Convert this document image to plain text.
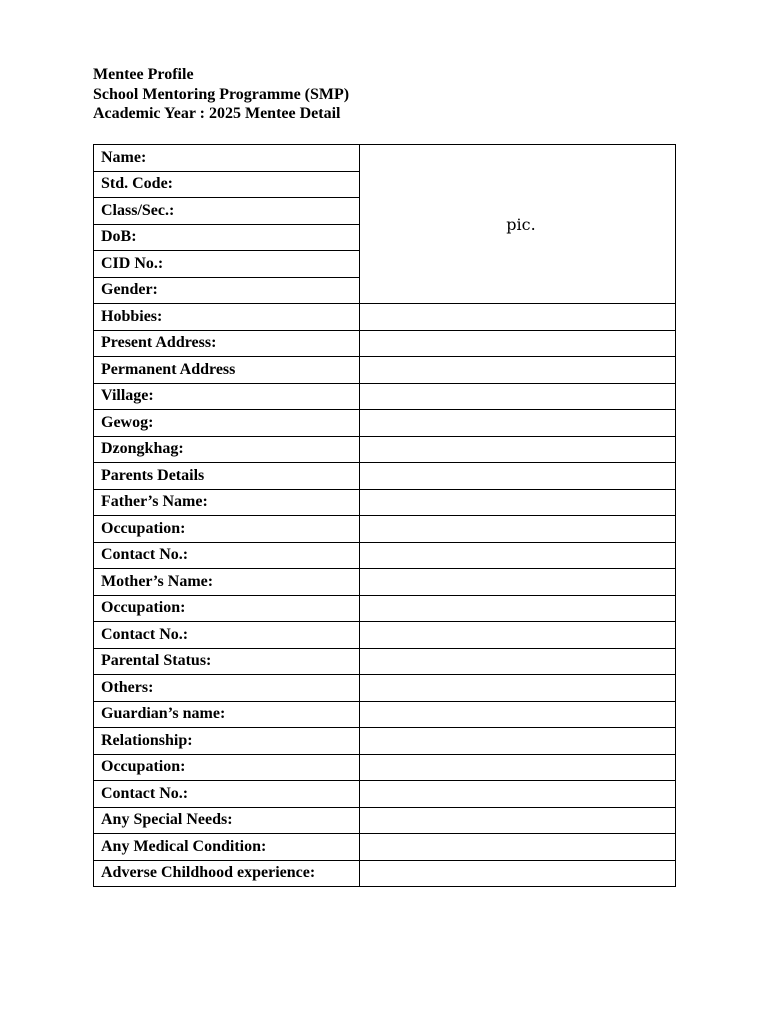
Mentee Profile
School Mentoring Programme (SMP)
Academic Year : 2025 Mentee Detail
Name:	pic.
Std. Code:	
Class/Sec.:	
DoB:	
CID No.:	
Gender:	
Hobbies:	
Present Address:	
Permanent Address	
Village:	
Gewog:	
Dzongkhag:	
Parents Details	
Father’s Name:	
Occupation:	
Contact No.:	
Mother’s Name:	
Occupation:	
Contact No.:	
Parental Status:	
Others:	
Guardian’s name:	
Relationship:	
Occupation:	
Contact No.:	
Any Special Needs:	
Any Medical Condition:	
Adverse Childhood experience:	
